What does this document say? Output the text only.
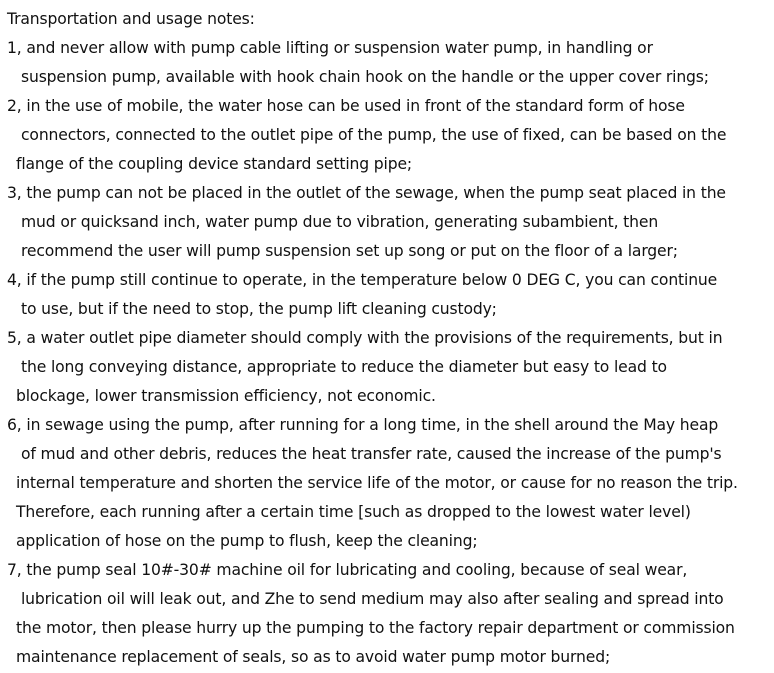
Transportation and usage notes:
1, and never allow with pump cable lifting or suspension water pump, in handling or
suspension pump, available with hook chain hook on the handle or the upper cover rings;
2, in the use of mobile, the water hose can be used in front of the standard form of hose
connectors, connected to the outlet pipe of the pump, the use of fixed, can be based on the
flange of the coupling device standard setting pipe;
3, the pump can not be placed in the outlet of the sewage, when the pump seat placed in the
mud or quicksand inch, water pump due to vibration, generating subambient, then
recommend the user will pump suspension set up song or put on the floor of a larger;
4, if the pump still continue to operate, in the temperature below 0 DEG C, you can continue
to use, but if the need to stop, the pump lift cleaning custody;
5, a water outlet pipe diameter should comply with the provisions of the requirements, but in
the long conveying distance, appropriate to reduce the diameter but easy to lead to
blockage, lower transmission efficiency, not economic.
6, in sewage using the pump, after running for a long time, in the shell around the May heap
of mud and other debris, reduces the heat transfer rate, caused the increase of the pump's
internal temperature and shorten the service life of the motor, or cause for no reason the trip.
Therefore, each running after a certain time [such as dropped to the lowest water level)
application of hose on the pump to flush, keep the cleaning;
7, the pump seal 10#-30# machine oil for lubricating and cooling, because of seal wear,
lubrication oil will leak out, and Zhe to send medium may also after sealing and spread into
the motor, then please hurry up the pumping to the factory repair department or commission
maintenance replacement of seals, so as to avoid water pump motor burned;
